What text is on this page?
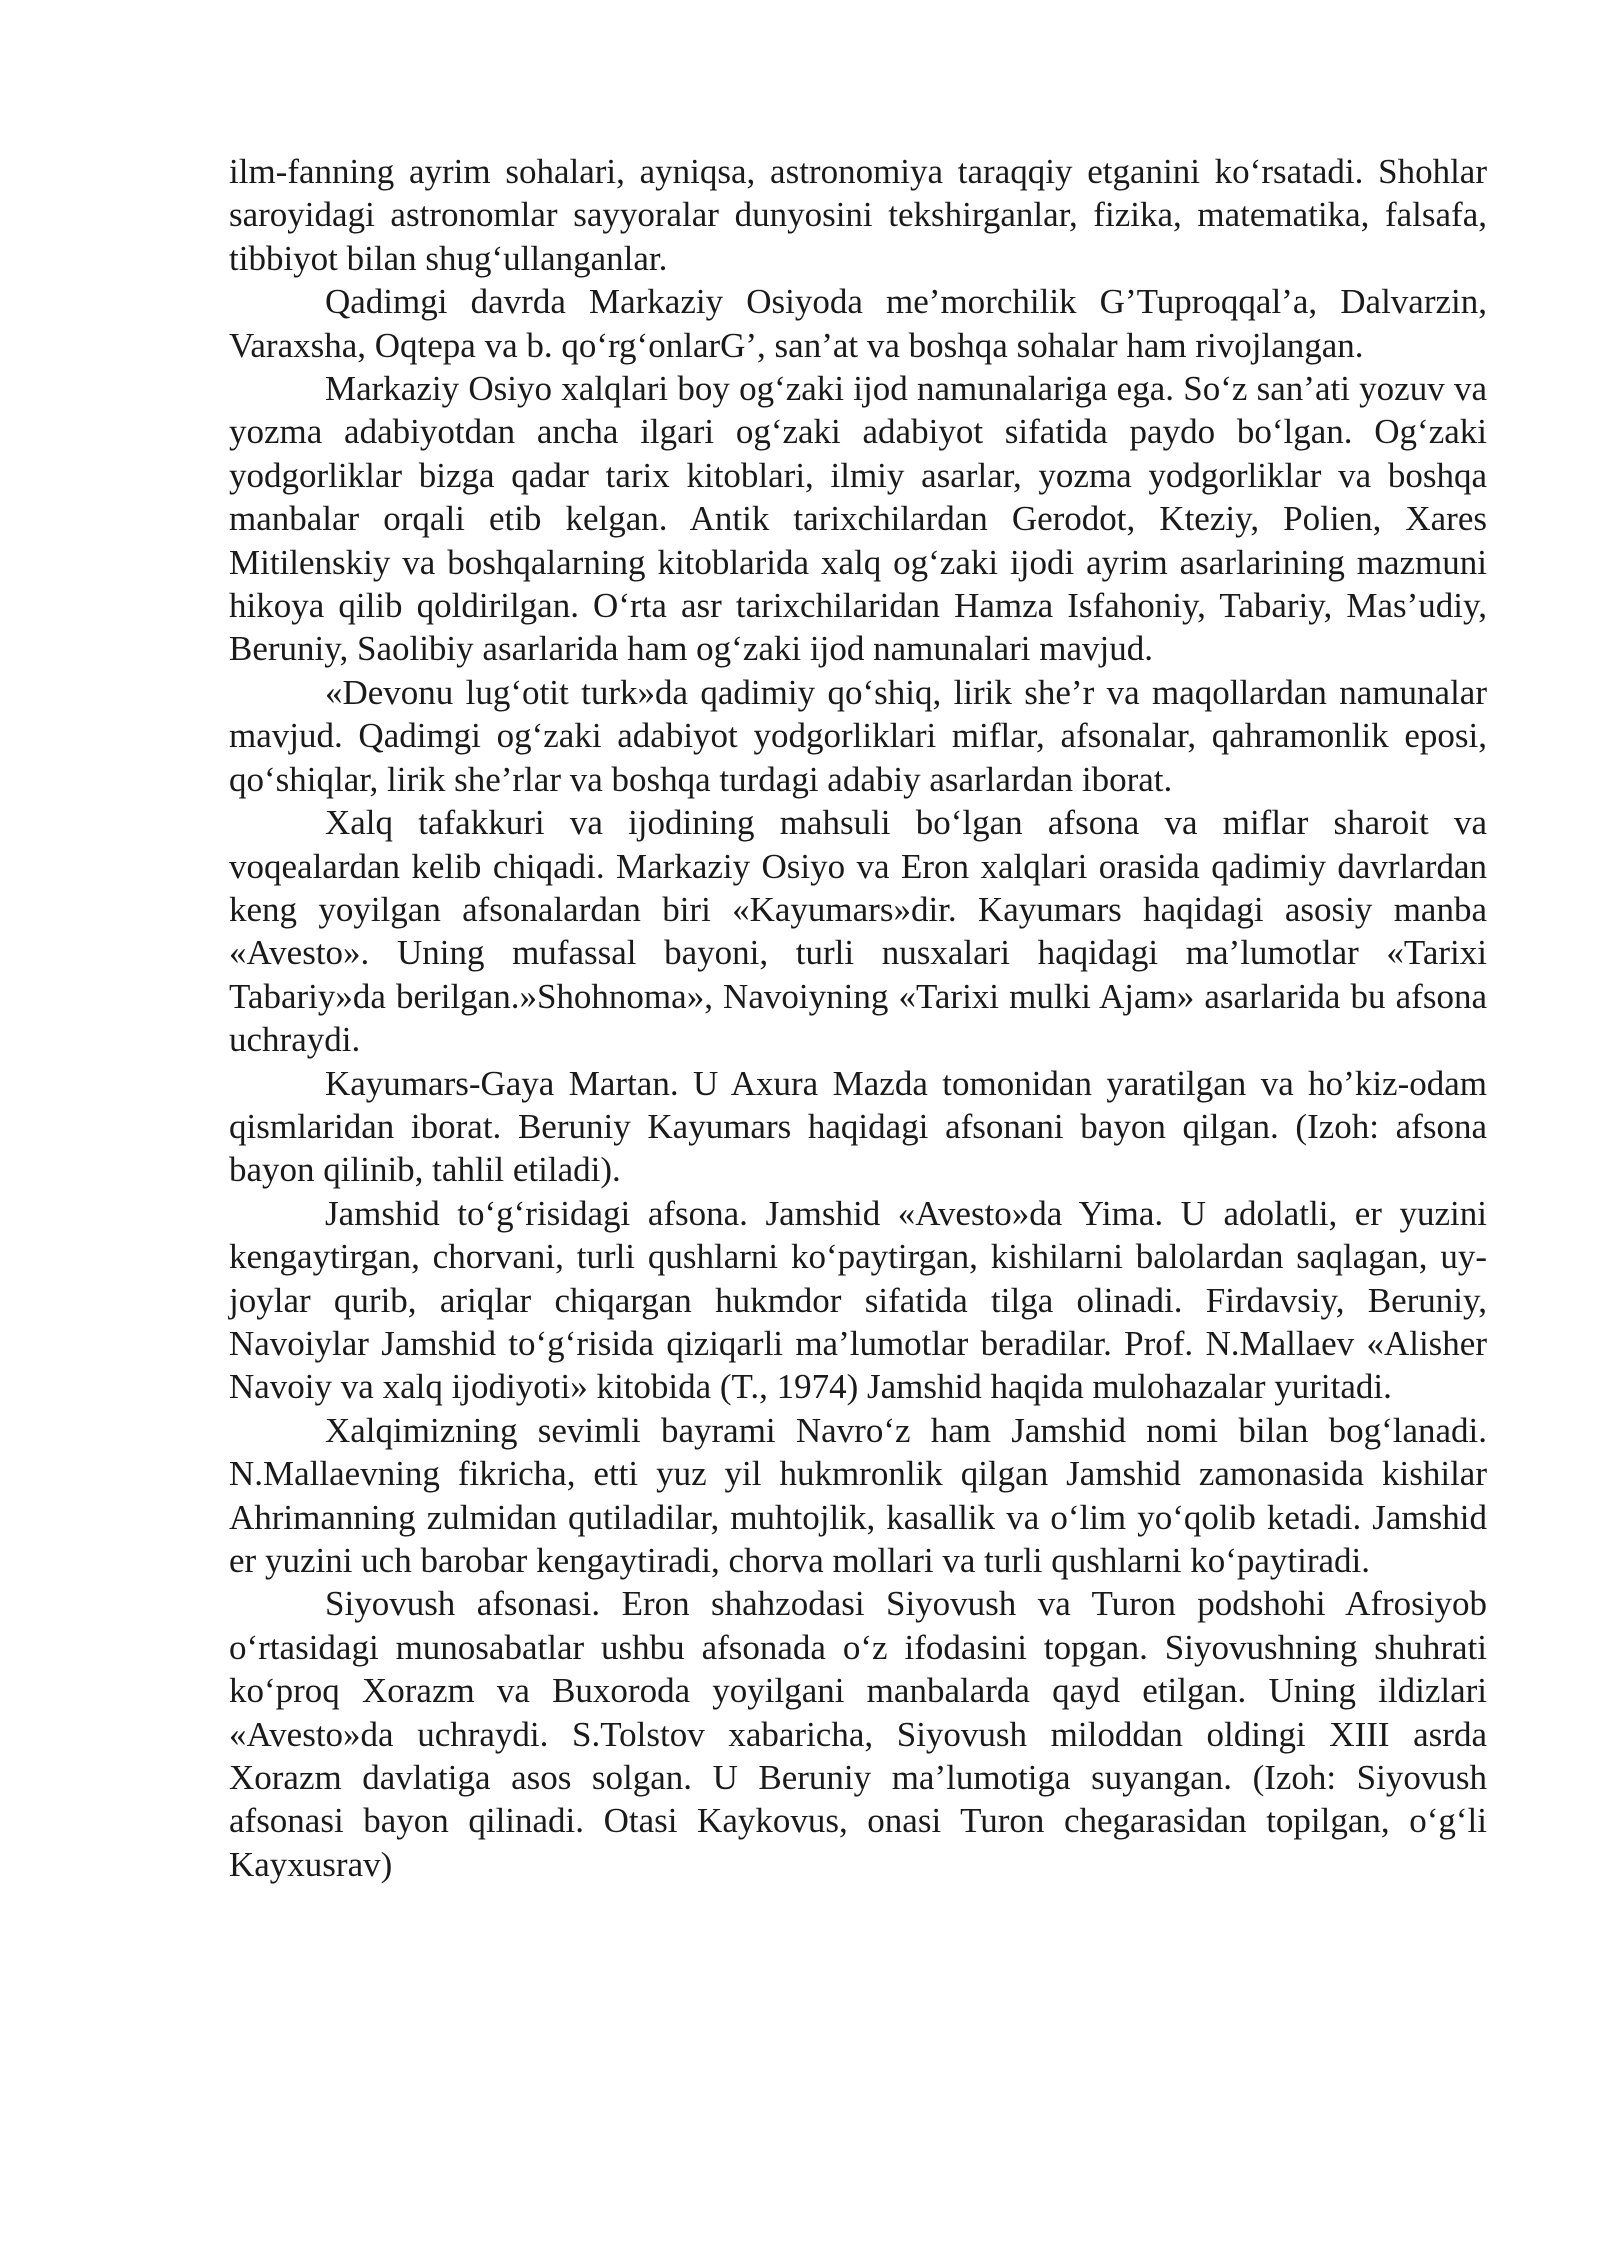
ilm-fanning ayrim sohalari, ayniqsa, astronomiya taraqqiy etganini ko‘rsatadi. Shohlar saroyidagi astronomlar sayyoralar dunyosini tekshirganlar, fizika, matematika, falsafa, tibbiyot bilan shug‘ullanganlar.

Qadimgi davrda Markaziy Osiyoda me’morchilik G’Tuproqqal’a, Dalvarzin, Varaxsha, Oqtepa va b. qo‘rg‘onlarG’, san’at va boshqa sohalar ham rivojlangan.

Markaziy Osiyo xalqlari boy og‘zaki ijod namunalariga ega. So‘z san’ati yozuv va yozma adabiyotdan ancha ilgari og‘zaki adabiyot sifatida paydo bo‘lgan. Og‘zaki yodgorliklar bizga qadar tarix kitoblari, ilmiy asarlar, yozma yodgorliklar va boshqa manbalar orqali etib kelgan. Antik tarixchilardan Gerodot, Kteziy, Polien, Xares Mitilenskiy va boshqalarning kitoblarida xalq og‘zaki ijodi ayrim asarlarining mazmuni hikoya qilib qoldirilgan. O‘rta asr tarixchilaridan Hamza Isfahoniy, Tabariy, Mas’udiy, Beruniy, Saolibiy asarlarida ham og‘zaki ijod namunalari mavjud.

«Devonu lug‘otit turk»da qadimiy qo‘shiq, lirik she’r va maqollardan namunalar mavjud. Qadimgi og‘zaki adabiyot yodgorliklari miflar, afsonalar, qahramonlik eposi, qo‘shiqlar, lirik she’rlar va boshqa turdagi adabiy asarlardan iborat.

Xalq tafakkuri va ijodining mahsuli bo‘lgan afsona va miflar sharoit va voqealardan kelib chiqadi. Markaziy Osiyo va Eron xalqlari orasida qadimiy davrlardan keng yoyilgan afsonalardan biri «Kayumars»dir. Kayumars haqidagi asosiy manba «Avesto». Uning mufassal bayoni, turli nusxalari haqidagi ma’lumotlar «Tarixi Tabariy»da berilgan.»Shohnoma», Navoiyning «Tarixi mulki Ajam» asarlarida bu afsona uchraydi.

Kayumars-Gaya Martan. U Axura Mazda tomonidan yaratilgan va ho’kiz-odam qismlaridan iborat. Beruniy Kayumars haqidagi afsonani bayon qilgan. (Izoh: afsona bayon qilinib, tahlil etiladi).

Jamshid to‘g‘risidagi afsona. Jamshid «Avesto»da Yima. U adolatli, er yuzini kengaytirgan, chorvani, turli qushlarni ko‘paytirgan, kishilarni balolardan saqlagan, uy-joylar qurib, ariqlar chiqargan hukmdor sifatida tilga olinadi. Firdavsiy, Beruniy, Navoiylar Jamshid to‘g‘risida qiziqarli ma’lumotlar beradilar. Prof. N.Mallaev «Alisher Navoiy va xalq ijodiyoti» kitobida (T., 1974) Jamshid haqida mulohazalar yuritadi.

Xalqimizning sevimli bayrami Navro‘z ham Jamshid nomi bilan bog‘lanadi. N.Mallaevning fikricha, etti yuz yil hukmronlik qilgan Jamshid zamonasida kishilar Ahrimanning zulmidan qutiladilar, muhtojlik, kasallik va o‘lim yo‘qolib ketadi. Jamshid er yuzini uch barobar kengaytiradi, chorva mollari va turli qushlarni ko‘paytiradi.

Siyovush afsonasi. Eron shahzodasi Siyovush va Turon podshohi Afrosiyob o‘rtasidagi munosabatlar ushbu afsonada o‘z ifodasini topgan. Siyovushning shuhrati ko‘proq Xorazm va Buxoroda yoyilgani manbalarda qayd etilgan. Uning ildizlari «Avesto»da uchraydi. S.Tolstov xabaricha, Siyovush miloddan oldingi XIII asrda Xorazm davlatiga asos solgan. U Beruniy ma’lumotiga suyangan. (Izoh: Siyovush afsonasi bayon qilinadi. Otasi Kaykovus, onasi Turon chegarasidan topilgan, o‘g‘li Kayxusrav)
